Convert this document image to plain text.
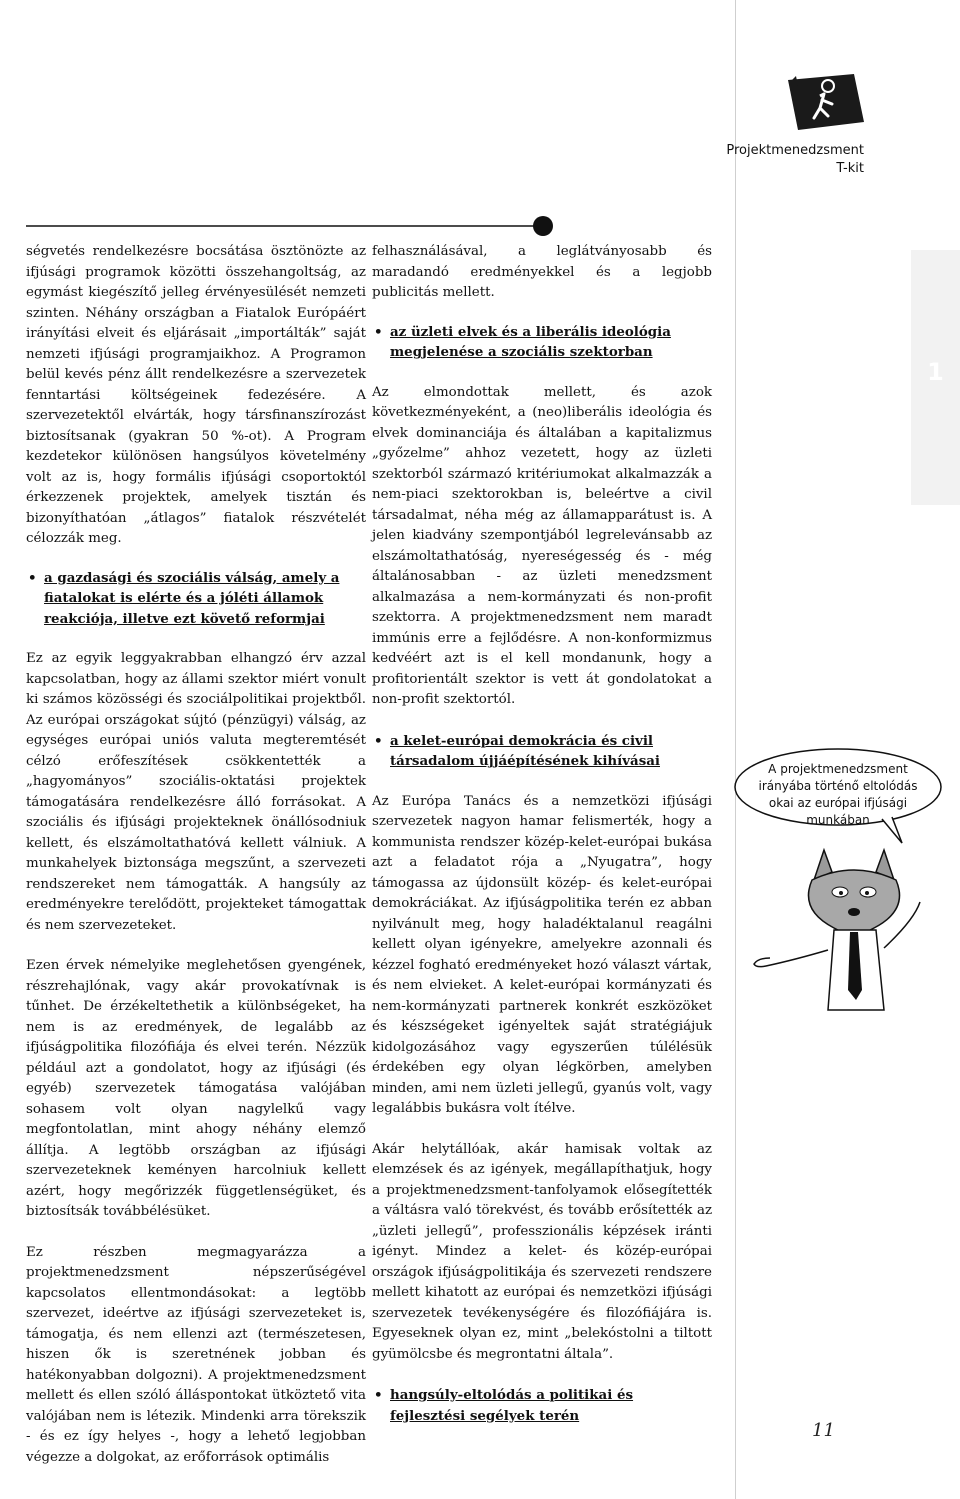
1
Projektmenedzsment
T-kit

ségvetés rendelkezésre bocsátása ösztönözte az ifjúsági programok közötti összehangoltság, az egymást kiegészítő jelleg érvényesülését nemzeti szinten. Néhány országban a Fiatalok Európáért irányítási elveit és eljárásait „importálták” saját nemzeti ifjúsági programjaikhoz. A Programon belül kevés pénz állt rendelkezésre a szervezetek fenntartási költségeinek fedezésére. A szervezetektől elvárták, hogy társfinanszírozást biztosítsanak (gyakran 50 %-ot). A Program kezdetekor különösen hangsúlyos követelmény volt az is, hogy formális ifjúsági csoportoktól érkezzenek projektek, amelyek tisztán és bizonyíthatóan „átlagos” fiatalok részvételét célozzák meg.

• a gazdasági és szociális válság, amely a fiatalokat is elérte és a jóléti államok reakciója, illetve ezt követő reformjai

Ez az egyik leggyakrabban elhangzó érv azzal kapcsolatban, hogy az állami szektor miért vonult ki számos közösségi és szociálpolitikai projektből. Az európai országokat sújtó (pénzügyi) válság, az egységes európai uniós valuta megteremtését célzó erőfeszítések csökkentették a „hagyományos” szociális-oktatási projektek támogatására rendelkezésre álló forrásokat. A szociális és ifjúsági projekteknek önállósodniuk kellett, és elszámoltathatóvá kellett válniuk. A munkahelyek biztonsága megszűnt, a szervezeti rendszereket nem támogatták. A hangsúly az eredményekre terelődött, projekteket támogattak és nem szervezeteket.

Ezen érvek némelyike meglehetősen gyengének, részrehajlónak, vagy akár provokatívnak is tűnhet. De érzékeltethetik a különbségeket, ha nem is az eredmények, de legalább az ifjúságpolitika filozófiája és elvei terén. Nézzük például azt a gondolatot, hogy az ifjúsági (és egyéb) szervezetek támogatása valójában sohasem volt olyan nagylelkű vagy megfontolatlan, mint ahogy néhány elemző állítja. A legtöbb országban az ifjúsági szervezeteknek keményen harcolniuk kellett azért, hogy megőrizzék függetlenségüket, és biztosítsák továbbélésüket.

Ez részben megmagyarázza a projektmenedzsment népszerűségével kapcsolatos ellentmondásokat: a legtöbb szervezet, ideértve az ifjúsági szervezeteket is, támogatja, és nem ellenzi azt (természetesen, hiszen ők is szeretnének jobban és hatékonyabban dolgozni). A projektmenedzsment mellett és ellen szóló álláspontokat ütköztető vita valójában nem is létezik. Mindenki arra törekszik - és ez így helyes -, hogy a lehető legjobban végezze a dolgokat, az erőforrások optimális

felhasználásával, a leglátványosabb és maradandó eredményekkel és a legjobb publicitás mellett.

• az üzleti elvek és a liberális ideológia megjelenése a szociális szektorban

Az elmondottak mellett, és azok következményeként, a (neo)liberális ideológia és elvek dominanciája és általában a kapitalizmus „győzelme” ahhoz vezetett, hogy az üzleti szektorból származó kritériumokat alkalmazzák a nem-piaci szektorokban is, beleértve a civil társadalmat, néha még az államapparátust is. A jelen kiadvány szempontjából legrelevánsabb az elszámoltathatóság, nyereségesség és - még általánosabban - az üzleti menedzsment alkalmazása a nem-kormányzati és non-profit szektorra. A projektmenedzsment nem maradt immúnis erre a fejlődésre. A non-konformizmus kedvéért azt is el kell mondanunk, hogy a profitorientált szektor is vett át gondolatokat a non-profit szektortól.

• a kelet-európai demokrácia és civil társadalom újjáépítésének kihívásai

Az Európa Tanács és a nemzetközi ifjúsági szervezetek nagyon hamar felismerték, hogy a kommunista rendszer közép-kelet-európai bukása azt a feladatot rója a „Nyugatra”, hogy támogassa az újdonsült közép- és kelet-európai demokráciákat. Az ifjúságpolitika terén ez abban nyilvánult meg, hogy haladéktalanul reagálni kellett olyan igényekre, amelyekre azonnali és kézzel fogható eredményeket hozó választ vártak, és nem elvieket. A kelet-európai kormányzati és nem-kormányzati partnerek konkrét eszközöket és készségeket igényeltek saját stratégiájuk kidolgozásához vagy egyszerűen túlélésük érdekében egy olyan légkörben, amelyben minden, ami nem üzleti jellegű, gyanús volt, vagy legalábbis bukásra volt ítélve.

Akár helytállóak, akár hamisak voltak az elemzések és az igények, megállapíthatjuk, hogy a projektmenedzsment-tanfolyamok elősegítették a váltásra való törekvést, és tovább erősítették az „üzleti jellegű”, professzionális képzések iránti igényt. Mindez a kelet- és közép-európai országok ifjúságpolitikája és szervezeti rendszere mellett kihatott az európai és nemzetközi ifjúsági szervezetek tevékenységére és filozófiájára is. Egyeseknek olyan ez, mint „belekóstolni a tiltott gyümölcsbe és megrontatni általa”.

• hangsúly-eltolódás a politikai és fejlesztési segélyek terén
A projektmenedzsment irányába történő eltolódás okai az európai ifjúsági munkában
11
